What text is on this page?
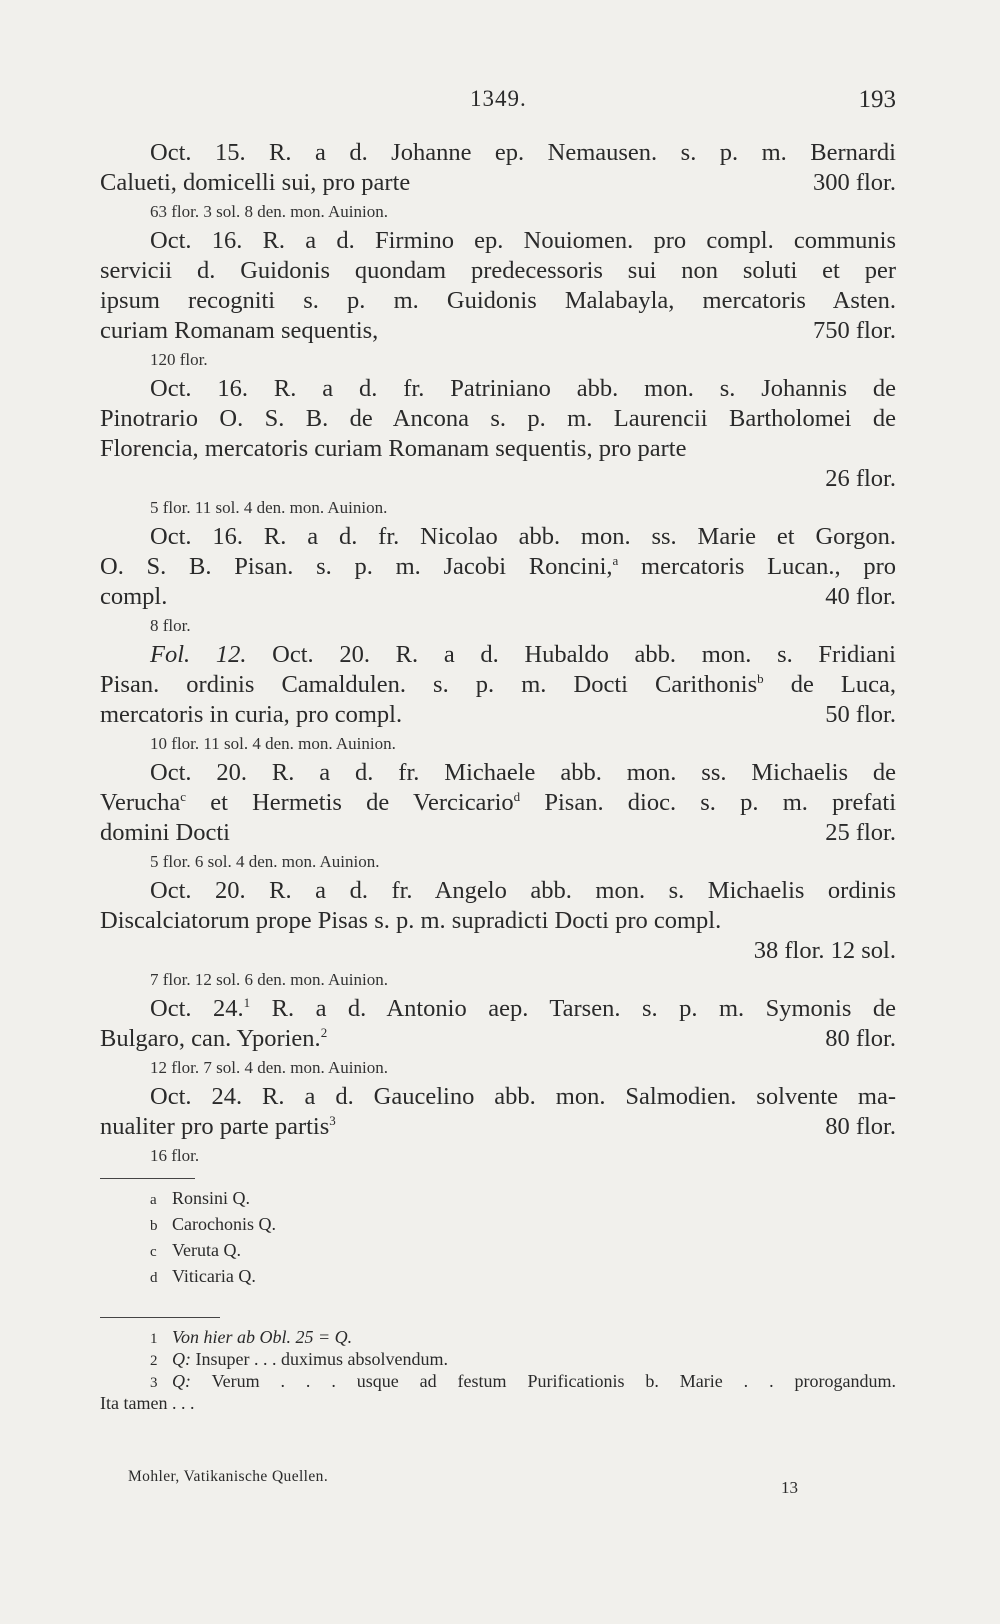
1349.	193
Oct. 15. R. a d. Johanne ep. Nemausen. s. p. m. Bernardi
Calueti, domicelli sui, pro parte	300 flor.
63 flor. 3 sol. 8 den. mon. Auinion.
Oct. 16. R. a d. Firmino ep. Nouiomen. pro compl. communis
servicii d. Guidonis quondam predecessoris sui non soluti et per
ipsum recogniti s. p. m. Guidonis Malabayla, mercatoris Asten.
curiam Romanam sequentis,	750 flor.
120 flor.
Oct. 16. R. a d. fr. Patriniano abb. mon. s. Johannis de
Pinotrario O. S. B. de Ancona s. p. m. Laurencii Bartholomei de
Florencia, mercatoris curiam Romanam sequentis, pro parte
26 flor.
5 flor. 11 sol. 4 den. mon. Auinion.
Oct. 16. R. a d. fr. Nicolao abb. mon. ss. Marie et Gorgon.
O. S. B. Pisan. s. p. m. Jacobi Roncini,$^a$ mercatoris Lucan., pro
compl.	40 flor.
8 flor.
Fol. 12. Oct. 20. R. a d. Hubaldo abb. mon. s. Fridiani
Pisan. ordinis Camaldulen. s. p. m. Docti Carithonis$^b$ de Luca,
mercatoris in curia, pro compl.	50 flor.
10 flor. 11 sol. 4 den. mon. Auinion.
Oct. 20. R. a d. fr. Michaele abb. mon. ss. Michaelis de
Verucha$^c$ et Hermetis de Vercicario$^d$ Pisan. dioc. s. p. m. prefati
domini Docti	25 flor.
5 flor. 6 sol. 4 den. mon. Auinion.
Oct. 20. R. a d. fr. Angelo abb. mon. s. Michaelis ordinis
Discalciatorum prope Pisas s. p. m. supradicti Docti pro compl.
38 flor. 12 sol.
7 flor. 12 sol. 6 den. mon. Auinion.
Oct. 24.$^1$ R. a d. Antonio aep. Tarsen. s. p. m. Symonis de
Bulgaro, can. Yporien.$^2$	80 flor.
12 flor. 7 sol. 4 den. mon. Auinion.
Oct. 24. R. a d. Gaucelino abb. mon. Salmodien. solvente ma-
nualiter pro parte partis$^3$	80 flor.
16 flor.
a Ronsini Q.
b Carochonis Q.
c Veruta Q.
d Viticaria Q.
1 Von hier ab Obl. 25 = Q.
2 Q: Insuper . . . duximus absolvendum.
3 Q: Verum . . . usque ad festum Purificationis b. Marie . . prorogandum.
Ita tamen . . .
Mohler, Vatikanische Quellen.
13
